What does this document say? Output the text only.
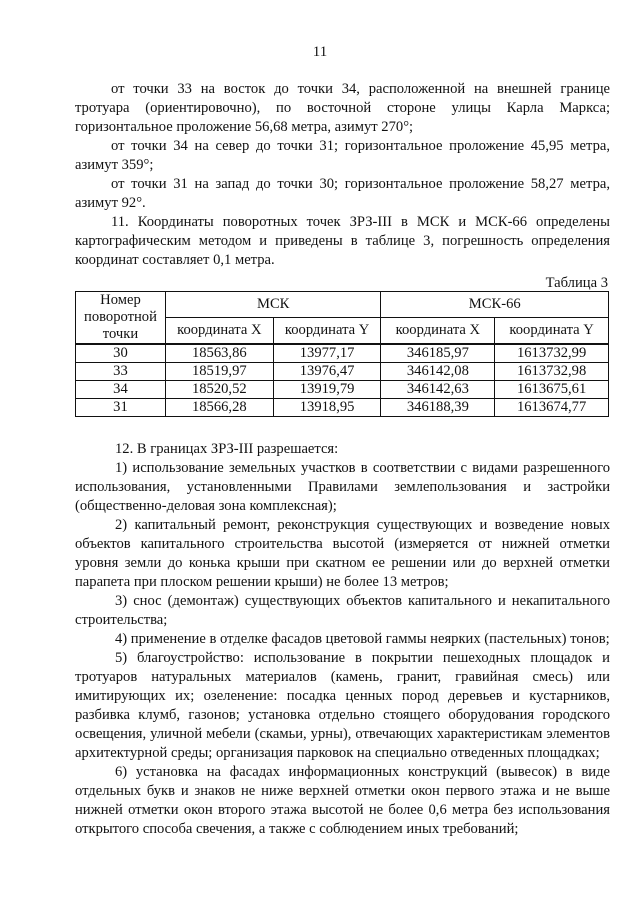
11

от точки 33 на восток до точки 34, расположенной на внешней границе тротуара (ориентировочно), по восточной стороне улицы Карла Маркса; горизонтальное проложение 56,68 метра, азимут 270°;

от точки 34 на север до точки 31; горизонтальное проложение 45,95 метра, азимут 359°;

от точки 31 на запад до точки 30; горизонтальное проложение 58,27 метра, азимут 92°.

11. Координаты поворотных точек ЗРЗ-III в МСК и МСК-66 определены картографическим методом и приведены в таблице 3, погрешность определения координат составляет 0,1 метра.

Таблица 3
Номер поворотной точки	МСК		МСК-66	
	координата X	координата Y	координата X	координата Y
30	18563,86	13977,17	346185,97	1613732,99
33	18519,97	13976,47	346142,08	1613732,98
34	18520,52	13919,79	346142,63	1613675,61
31	18566,28	13918,95	346188,39	1613674,77

12. В границах ЗРЗ-III разрешается:

1) использование земельных участков в соответствии с видами разрешенного использования, установленными Правилами землепользования и застройки (общественно-деловая зона комплексная);

2) капитальный ремонт, реконструкция существующих и возведение новых объектов капитального строительства высотой (измеряется от нижней отметки уровня земли до конька крыши при скатном ее решении или до верхней отметки парапета при плоском решении крыши) не более 13 метров;

3) снос (демонтаж) существующих объектов капитального и некапитального строительства;

4) применение в отделке фасадов цветовой гаммы неярких (пастельных) тонов;

5) благоустройство: использование в покрытии пешеходных площадок и тротуаров натуральных материалов (камень, гранит, гравийная смесь) или имитирующих их; озеленение: посадка ценных пород деревьев и кустарников, разбивка клумб, газонов; установка отдельно стоящего оборудования городского освещения, уличной мебели (скамьи, урны), отвечающих характеристикам элементов архитектурной среды; организация парковок на специально отведенных площадках;

6) установка на фасадах информационных конструкций (вывесок) в виде отдельных букв и знаков не ниже верхней отметки окон первого этажа и не выше нижней отметки окон второго этажа высотой не более 0,6 метра без использования открытого способа свечения, а также с соблюдением иных требований;
